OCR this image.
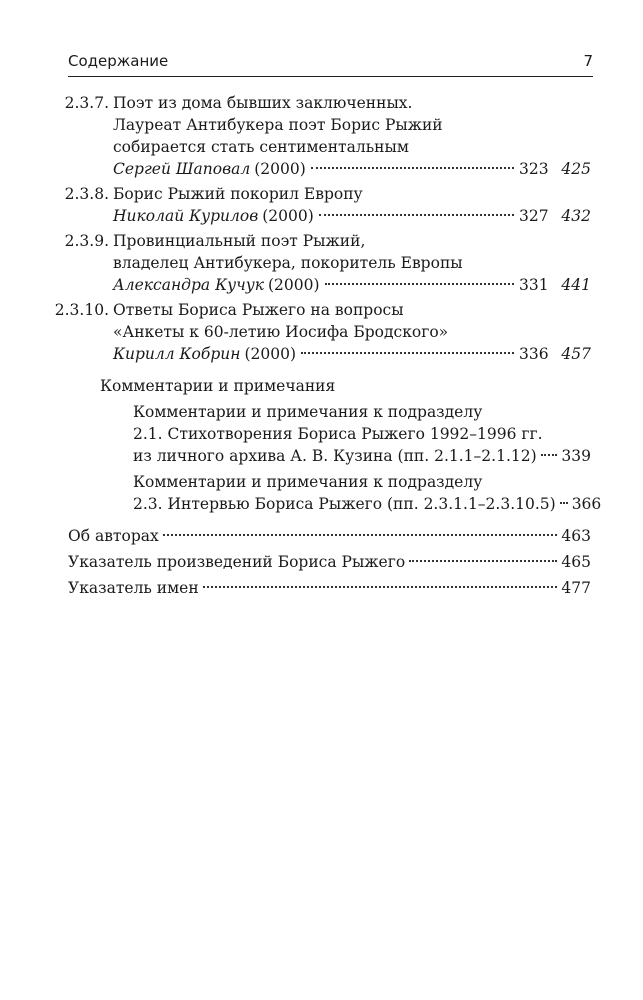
Содержание	7
2.3.7. Поэт из дома бывших заключенных.
Лауреат Антибукера поэт Борис Рыжий
собирается стать сентиментальным
Сергей Шаповал (2000)	323 425
2.3.8. Борис Рыжий покорил Европу
Николай Курилов (2000)	327 432
2.3.9. Провинциальный поэт Рыжий,
владелец Антибукера, покоритель Европы
Александра Кучук (2000)	331 441
2.3.10. Ответы Бориса Рыжего на вопросы
«Анкеты к 60-летию Иосифа Бродского»
Кирилл Кобрин (2000)	336 457
Комментарии и примечания
Комментарии и примечания к подразделу
2.1. Стихотворения Бориса Рыжего 1992–1996 гг.
из личного архива А. В. Кузина (пп. 2.1.1–2.1.12) 339
Комментарии и примечания к подразделу
2.3. Интервью Бориса Рыжего (пп. 2.3.1.1–2.3.10.5) 366
Об авторах	463
Указатель произведений Бориса Рыжего	465
Указатель имен	477
